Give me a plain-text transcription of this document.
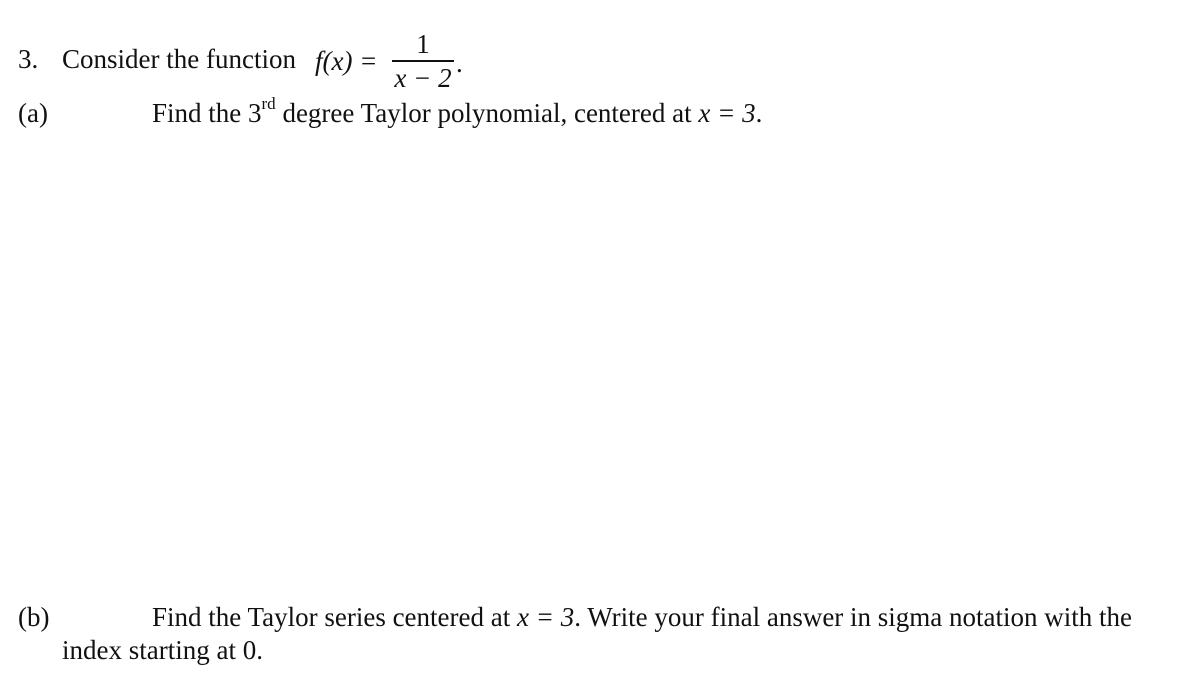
3. Consider the function f(x) =
1
x − 2 .
(a)	Find the 3rd degree Taylor polynomial, centered at x = 3.
(b)	Find the Taylor series centered at x = 3. Write your final answer in sigma notation with the
index starting at 0.
